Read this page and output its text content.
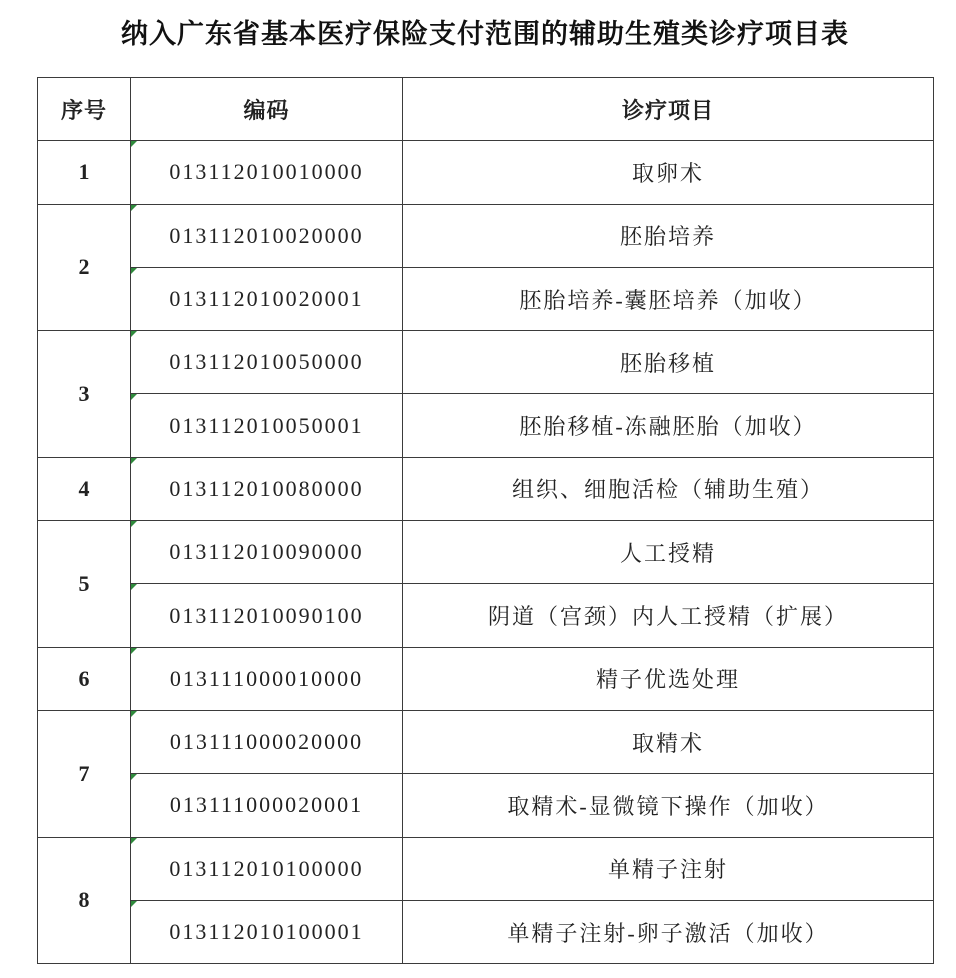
纳入广东省基本医疗保险支付范围的辅助生殖类诊疗项目表
序号	编码	诊疗项目
1	013112010010000	取卵术
2	013112010020000	胚胎培养
	013112010020001	胚胎培养-囊胚培养（加收）
3	013112010050000	胚胎移植
	013112010050001	胚胎移植-冻融胚胎（加收）
4	013112010080000	组织、细胞活检（辅助生殖）
5	013112010090000	人工授精
	013112010090100	阴道（宫颈）内人工授精（扩展）
6	013111000010000	精子优选处理
7	013111000020000	取精术
	013111000020001	取精术-显微镜下操作（加收）
8	013112010100000	单精子注射
	013112010100001	单精子注射-卵子激活（加收）
